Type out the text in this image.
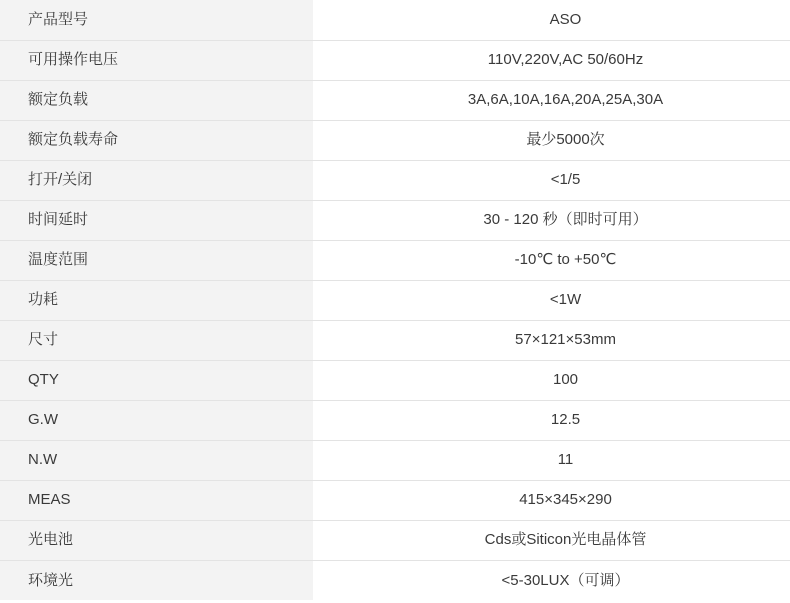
产品型号	ASO
可用操作电压	110V,220V,AC 50/60Hz
额定负载	3A,6A,10A,16A,20A,25A,30A
额定负载寿命	最少5000次
打开/关闭	<1/5
时间延时	30 - 120 秒（即时可用）
温度范围	-10℃ to +50℃
功耗	<1W
尺寸	57×121×53mm
QTY	100
G.W	12.5
N.W	11
MEAS	415×345×290
光电池	Cds或Siticon光电晶体管
环境光	<5-30LUX（可调）
